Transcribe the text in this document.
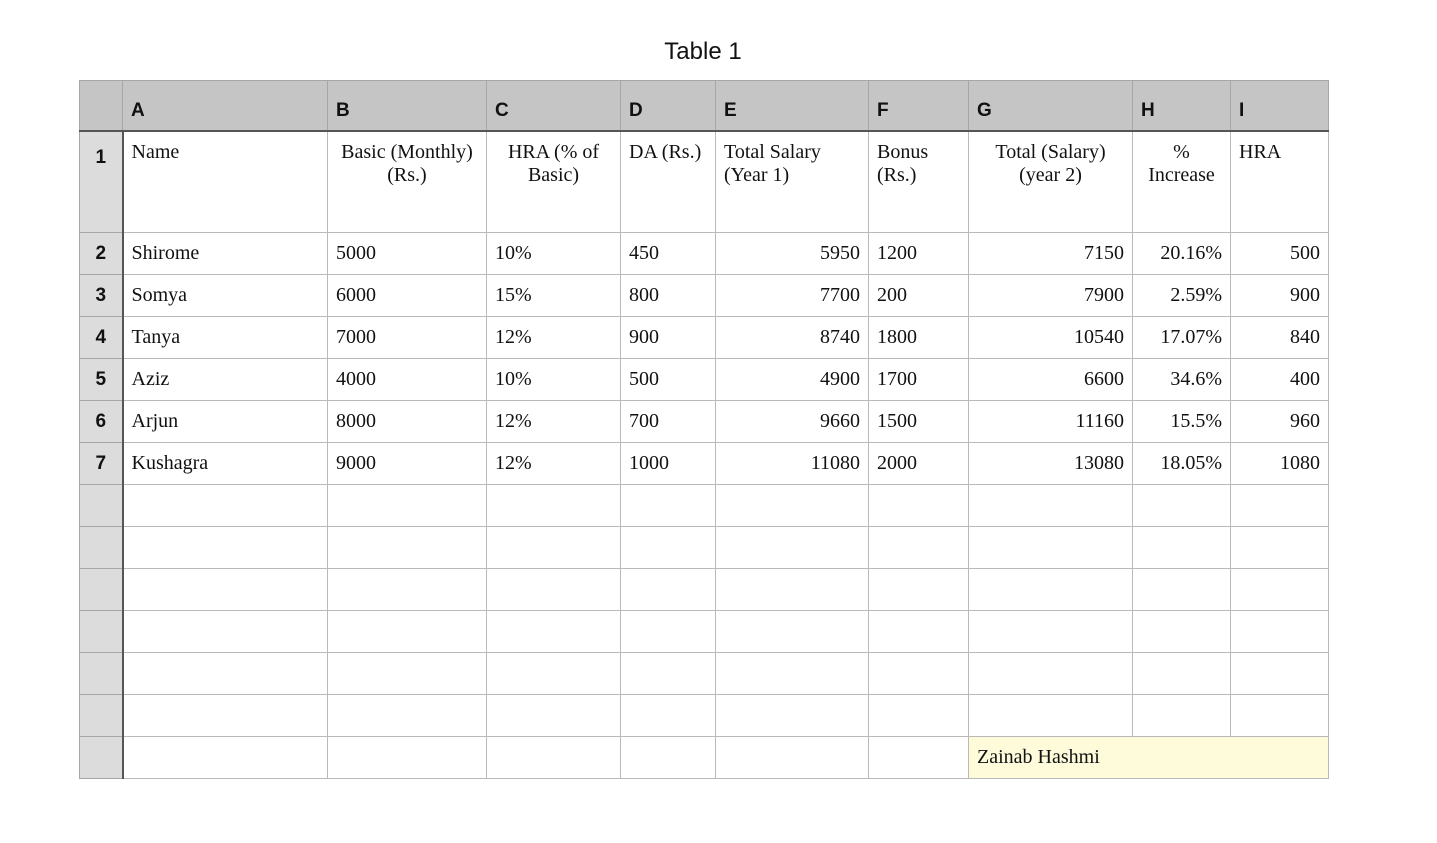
Table 1
	A	B	C	D	E	F	G	H	I
1	Name	Basic (Monthly) (Rs.)	HRA (% of Basic)	DA (Rs.)	Total Salary (Year 1)	Bonus (Rs.)	Total (Salary) (year 2)	% Increase	HRA
2	Shirome	5000	10%	450	5950	1200	7150	20.16%	500
3	Somya	6000	15%	800	7700	200	7900	2.59%	900
4	Tanya	7000	12%	900	8740	1800	10540	17.07%	840
5	Aziz	4000	10%	500	4900	1700	6600	34.6%	400
6	Arjun	8000	12%	700	9660	1500	11160	15.5%	960
7	Kushagra	9000	12%	1000	11080	2000	13080	18.05%	1080

							Zainab Hashmi		
